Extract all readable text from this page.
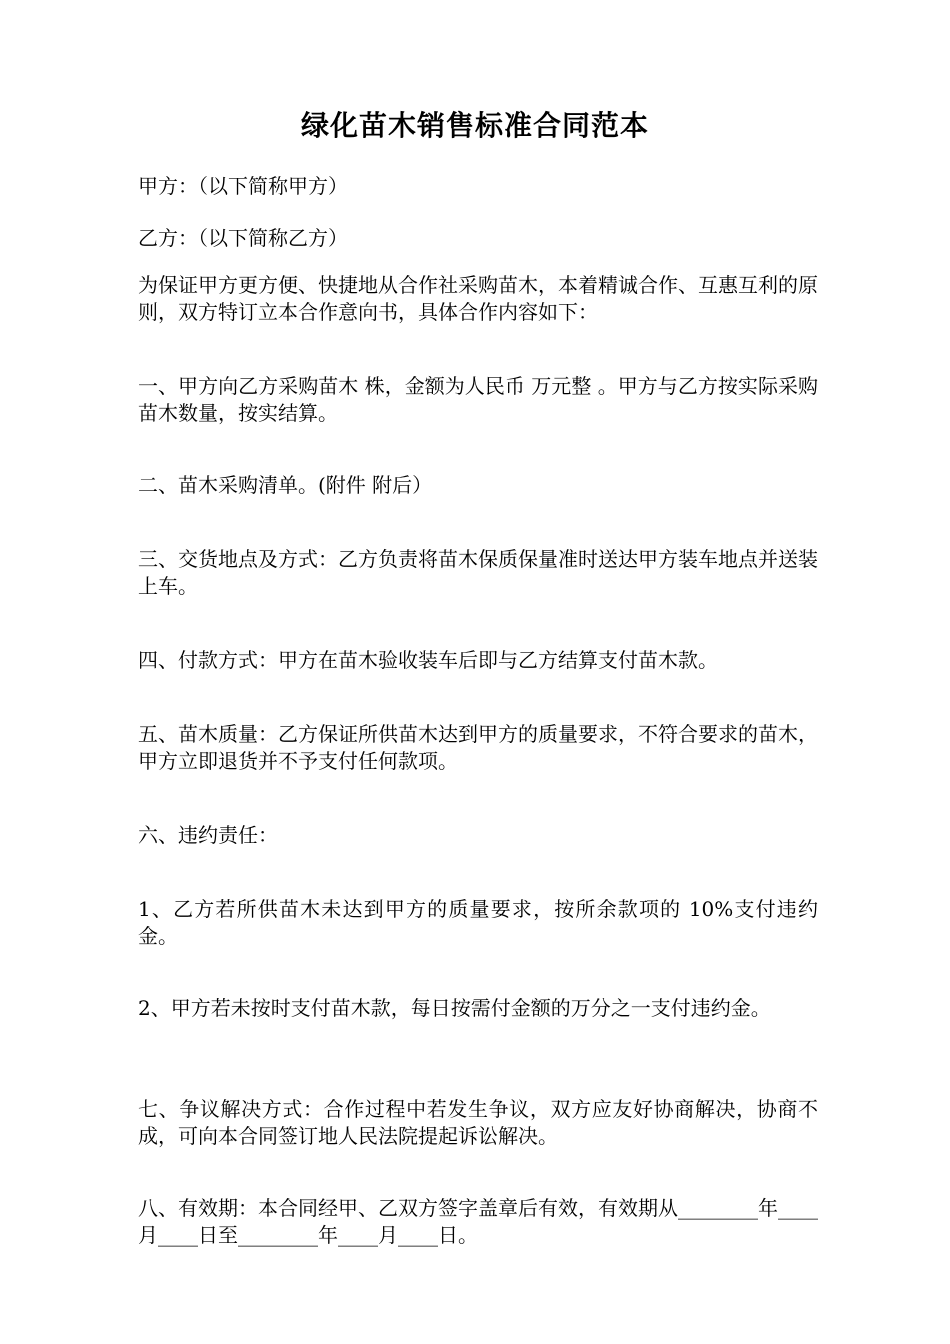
绿化苗木销售标准合同范本

甲方：（以下简称甲方）

乙方：（以下简称乙方）

为保证甲方更方便、快捷地从合作社采购苗木，本着精诚合作、互惠互利的原则，双方特订立本合作意向书，具体合作内容如下：

一、甲方向乙方采购苗木 株，金额为人民币 万元整 。甲方与乙方按实际采购苗木数量，按实结算。

二、苗木采购清单。(附件 附后）

三、交货地点及方式：乙方负责将苗木保质保量准时送达甲方装车地点并送装上车。

四、付款方式：甲方在苗木验收装车后即与乙方结算支付苗木款。

五、苗木质量：乙方保证所供苗木达到甲方的质量要求，不符合要求的苗木，甲方立即退货并不予支付任何款项。

六、违约责任：

1、乙方若所供苗木未达到甲方的质量要求，按所余款项的 10%支付违约金。

2、甲方若未按时支付苗木款，每日按需付金额的万分之一支付违约金。

七、争议解决方式：合作过程中若发生争议，双方应友好协商解决，协商不成，可向本合同签订地人民法院提起诉讼解决。

八、有效期：本合同经甲、乙双方签字盖章后有效，有效期从________年____月____日至________年____月____日。
